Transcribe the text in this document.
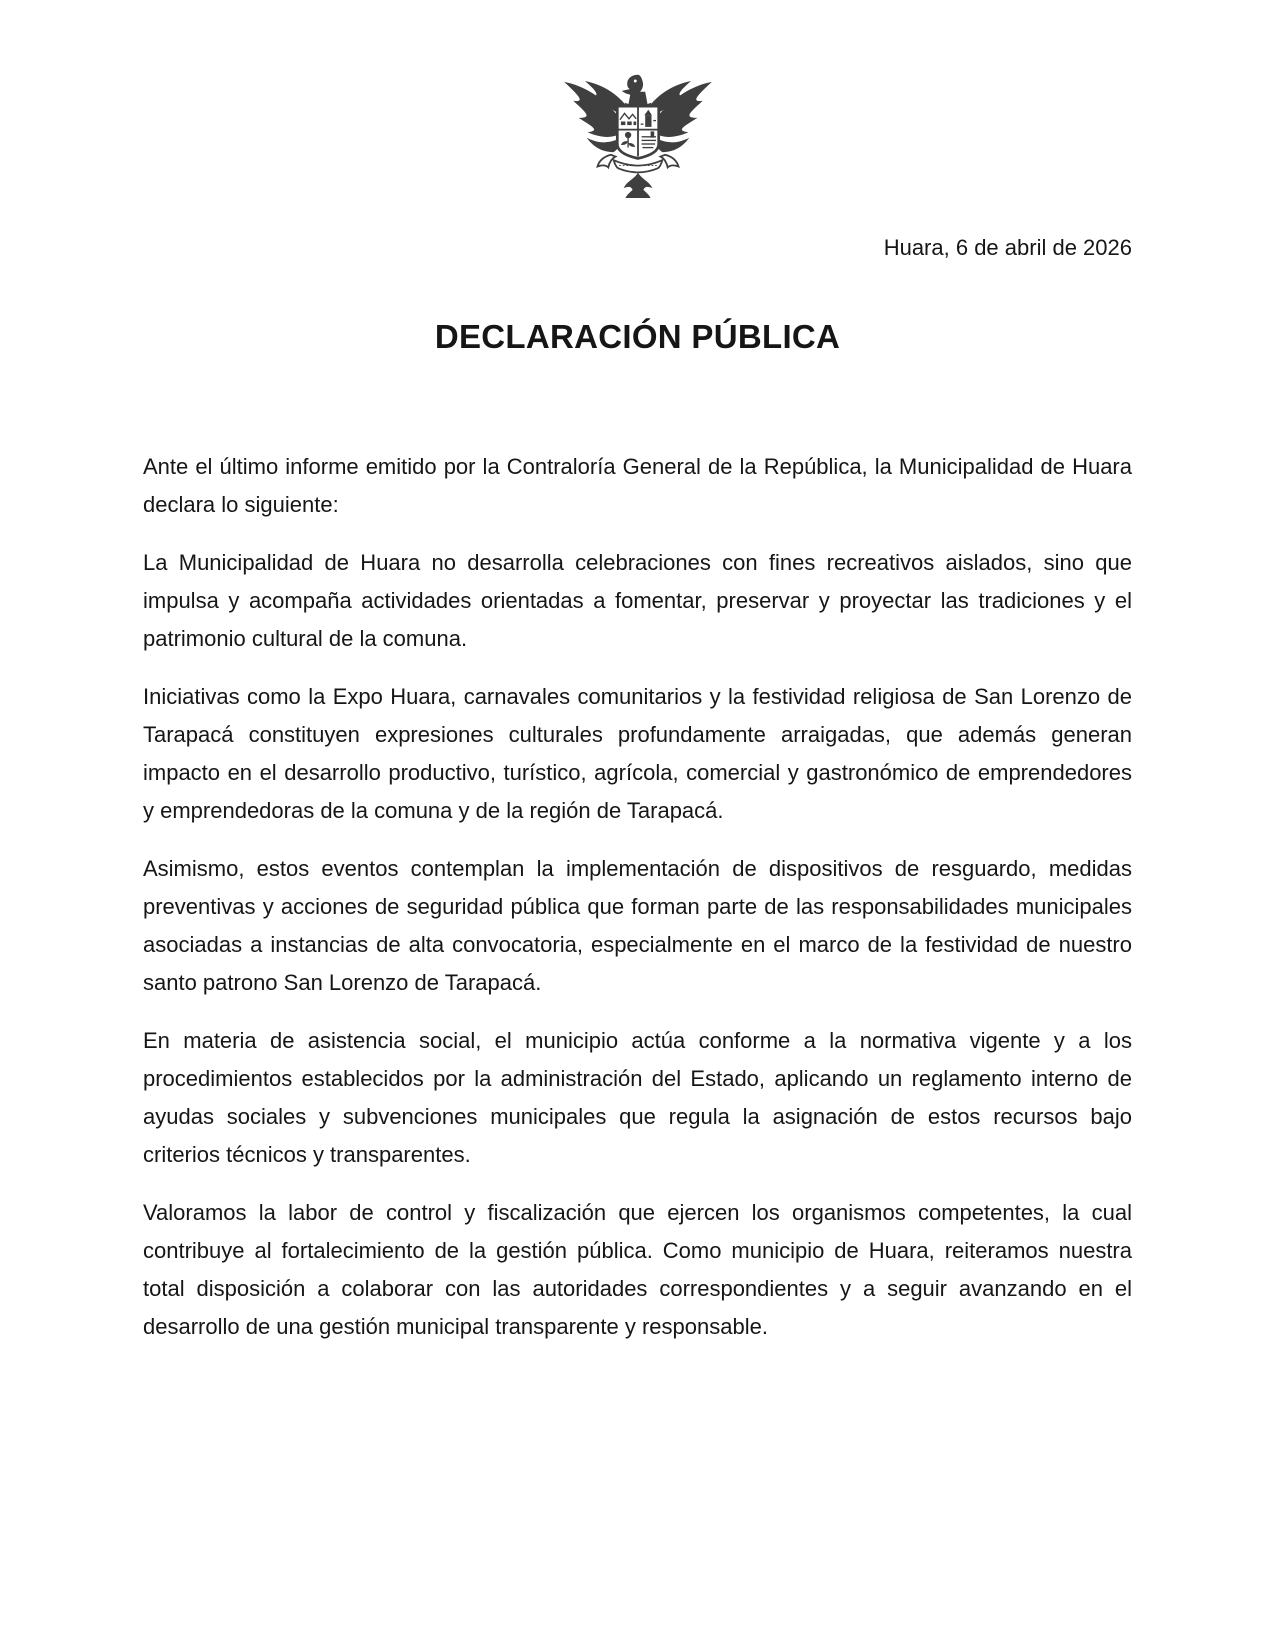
Huara, 6 de abril de 2026
DECLARACIÓN PÚBLICA

Ante el último informe emitido por la Contraloría General de la República, la Municipalidad de Huara declara lo siguiente:

La Municipalidad de Huara no desarrolla celebraciones con fines recreativos aislados, sino que impulsa y acompaña actividades orientadas a fomentar, preservar y proyectar las tradiciones y el patrimonio cultural de la comuna.

Iniciativas como la Expo Huara, carnavales comunitarios y la festividad religiosa de San Lorenzo de Tarapacá constituyen expresiones culturales profundamente arraigadas, que además generan impacto en el desarrollo productivo, turístico, agrícola, comercial y gastronómico de emprendedores y emprendedoras de la comuna y de la región de Tarapacá.

Asimismo, estos eventos contemplan la implementación de dispositivos de resguardo, medidas preventivas y acciones de seguridad pública que forman parte de las responsabilidades municipales asociadas a instancias de alta convocatoria, especialmente en el marco de la festividad de nuestro santo patrono San Lorenzo de Tarapacá.

En materia de asistencia social, el municipio actúa conforme a la normativa vigente y a los procedimientos establecidos por la administración del Estado, aplicando un reglamento interno de ayudas sociales y subvenciones municipales que regula la asignación de estos recursos bajo criterios técnicos y transparentes.

Valoramos la labor de control y fiscalización que ejercen los organismos competentes, la cual contribuye al fortalecimiento de la gestión pública. Como municipio de Huara, reiteramos nuestra total disposición a colaborar con las autoridades correspondientes y a seguir avanzando en el desarrollo de una gestión municipal transparente y responsable.
